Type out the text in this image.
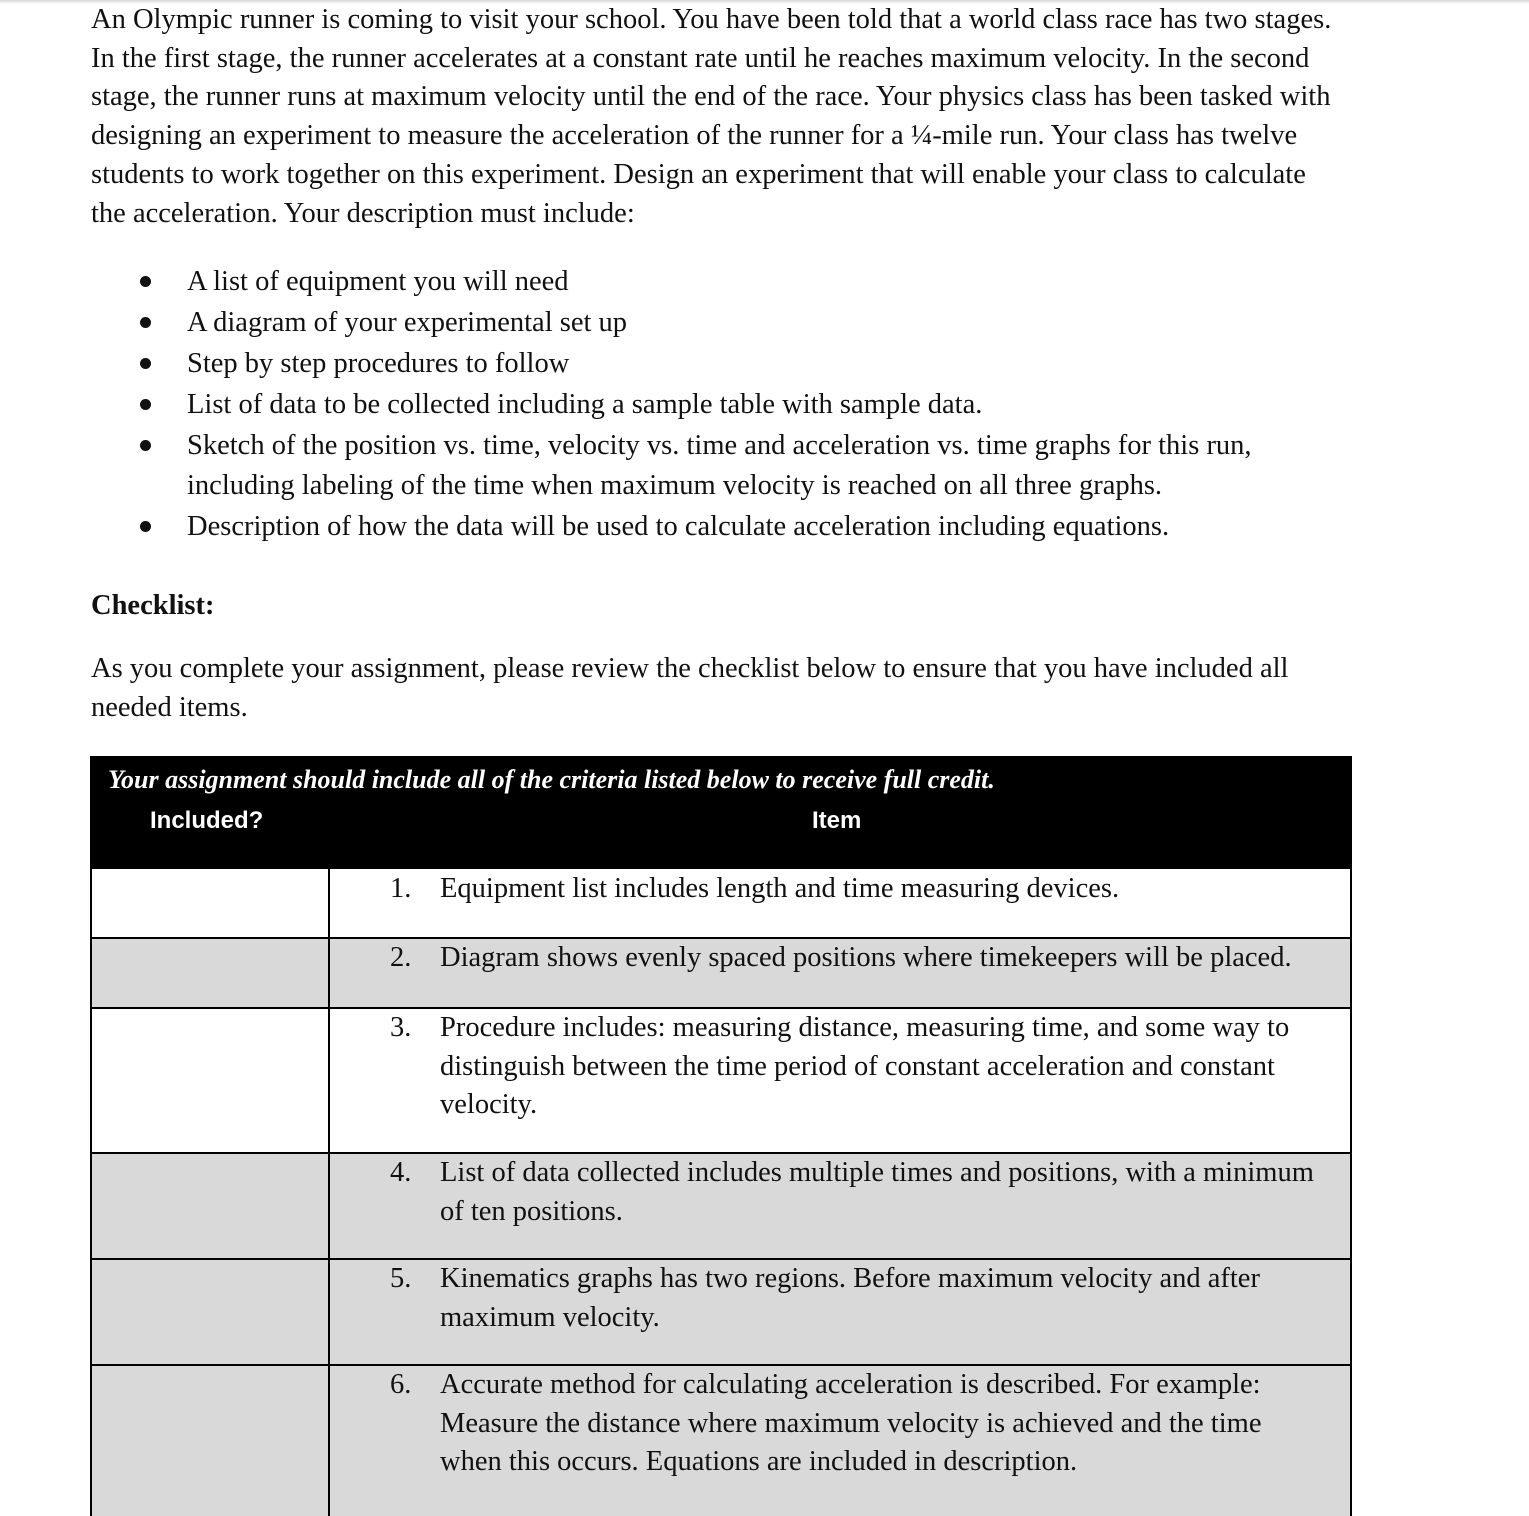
An Olympic runner is coming to visit your school. You have been told that a world class race has two stages. In the first stage, the runner accelerates at a constant rate until he reaches maximum velocity. In the second stage, the runner runs at maximum velocity until the end of the race. Your physics class has been tasked with designing an experiment to measure the acceleration of the runner for a ¼-mile run. Your class has twelve students to work together on this experiment. Design an experiment that will enable your class to calculate the acceleration. Your description must include:

A list of equipment you will need
A diagram of your experimental set up
Step by step procedures to follow
List of data to be collected including a sample table with sample data.
Sketch of the position vs. time, velocity vs. time and acceleration vs. time graphs for this run, including labeling of the time when maximum velocity is reached on all three graphs.
Description of how the data will be used to calculate acceleration including equations.
Checklist:

As you complete your assignment, please review the checklist below to ensure that you have included all needed items.

Your assignment should include all of the criteria listed below to receive full credit.
Included?	Item
1. Equipment list includes length and time measuring devices.
2. Diagram shows evenly spaced positions where timekeepers will be placed.
3. Procedure includes: measuring distance, measuring time, and some way to distinguish between the time period of constant acceleration and constant velocity.
4. List of data collected includes multiple times and positions, with a minimum of ten positions.
5. Kinematics graphs has two regions. Before maximum velocity and after maximum velocity.
6. Accurate method for calculating acceleration is described. For example: Measure the distance where maximum velocity is achieved and the time when this occurs. Equations are included in description.
